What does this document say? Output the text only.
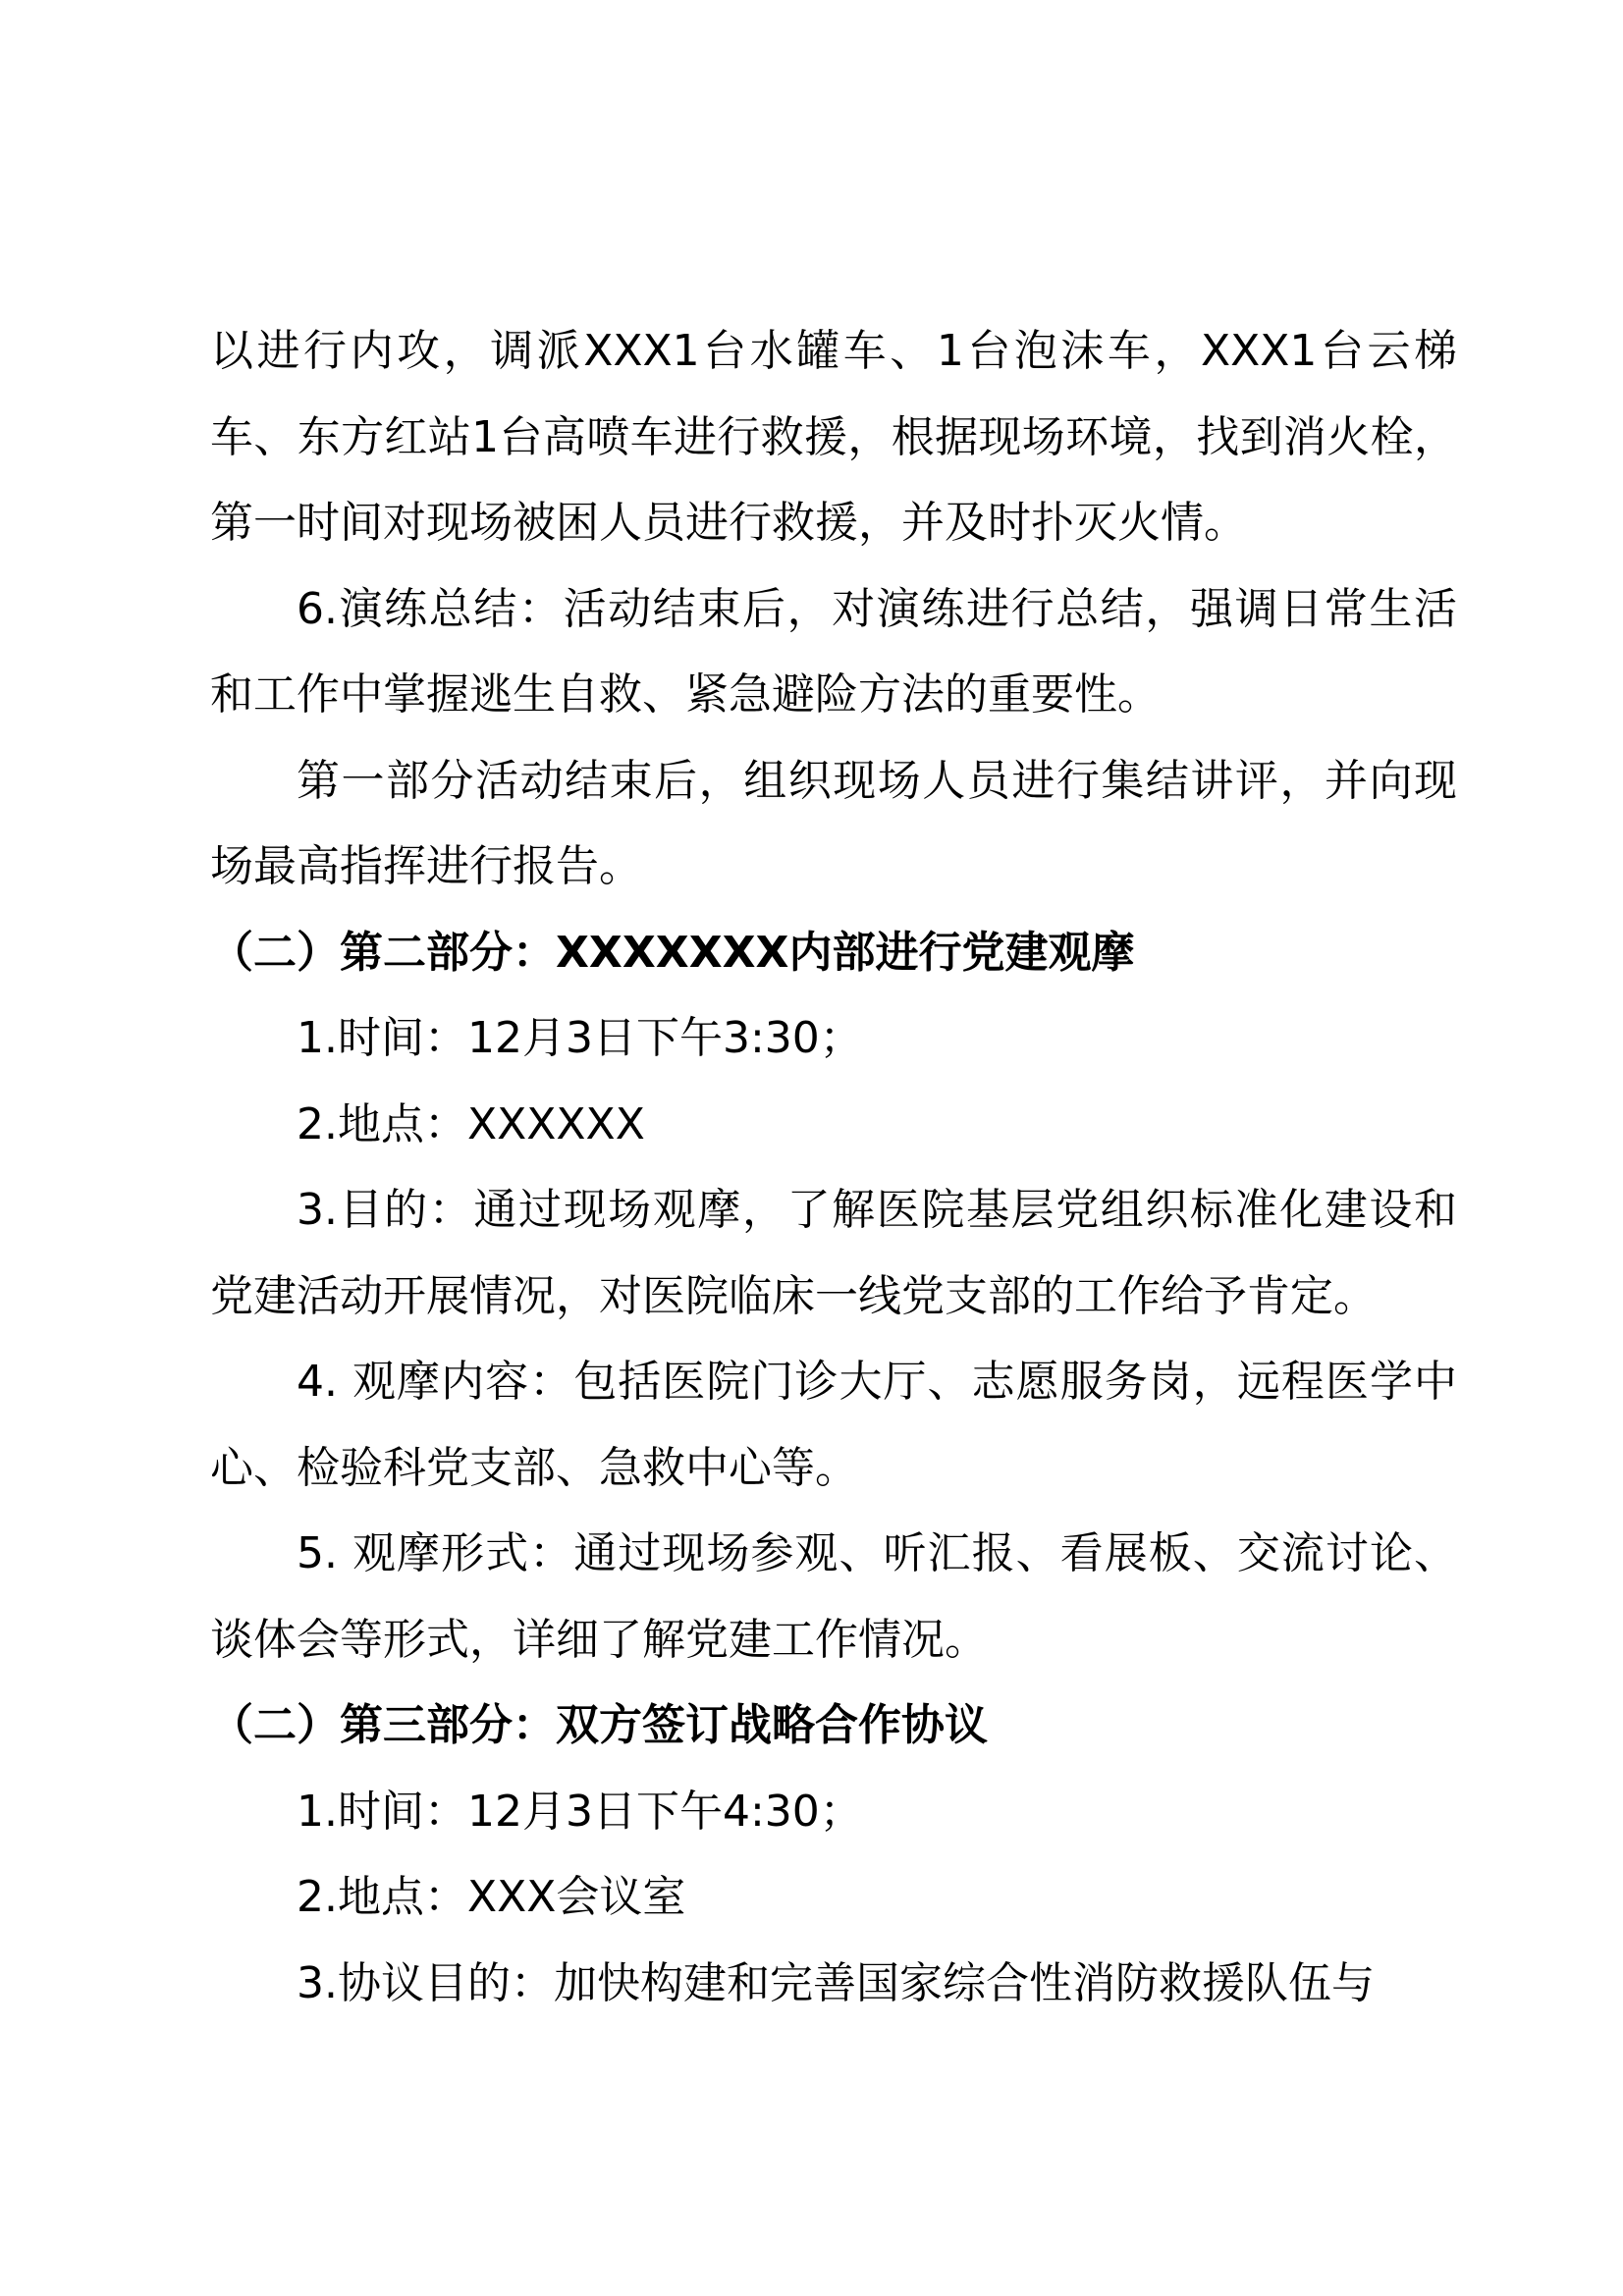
以进行内攻，调派XXX1台水罐车、1台泡沫车，XXX1台云梯车、东方红站1台高喷车进行救援，根据现场环境，找到消火栓，第一时间对现场被困人员进行救援，并及时扑灭火情。

6.演练总结：活动结束后，对演练进行总结，强调日常生活和工作中掌握逃生自救、紧急避险方法的重要性。

第一部分活动结束后，组织现场人员进行集结讲评，并向现场最高指挥进行报告。

（二）第二部分：XXXXXXX内部进行党建观摩

1.时间：12月3日下午3:30；

2.地点：XXXXXX

3.目的：通过现场观摩，了解医院基层党组织标准化建设和党建活动开展情况，对医院临床一线党支部的工作给予肯定。

4. 观摩内容：包括医院门诊大厅、志愿服务岗，远程医学中心、检验科党支部、急救中心等。

5. 观摩形式：通过现场参观、听汇报、看展板、交流讨论、谈体会等形式，详细了解党建工作情况。

（二）第三部分：双方签订战略合作协议

1.时间：12月3日下午4:30；

2.地点：XXX会议室

3.协议目的：加快构建和完善国家综合性消防救援队伍与
